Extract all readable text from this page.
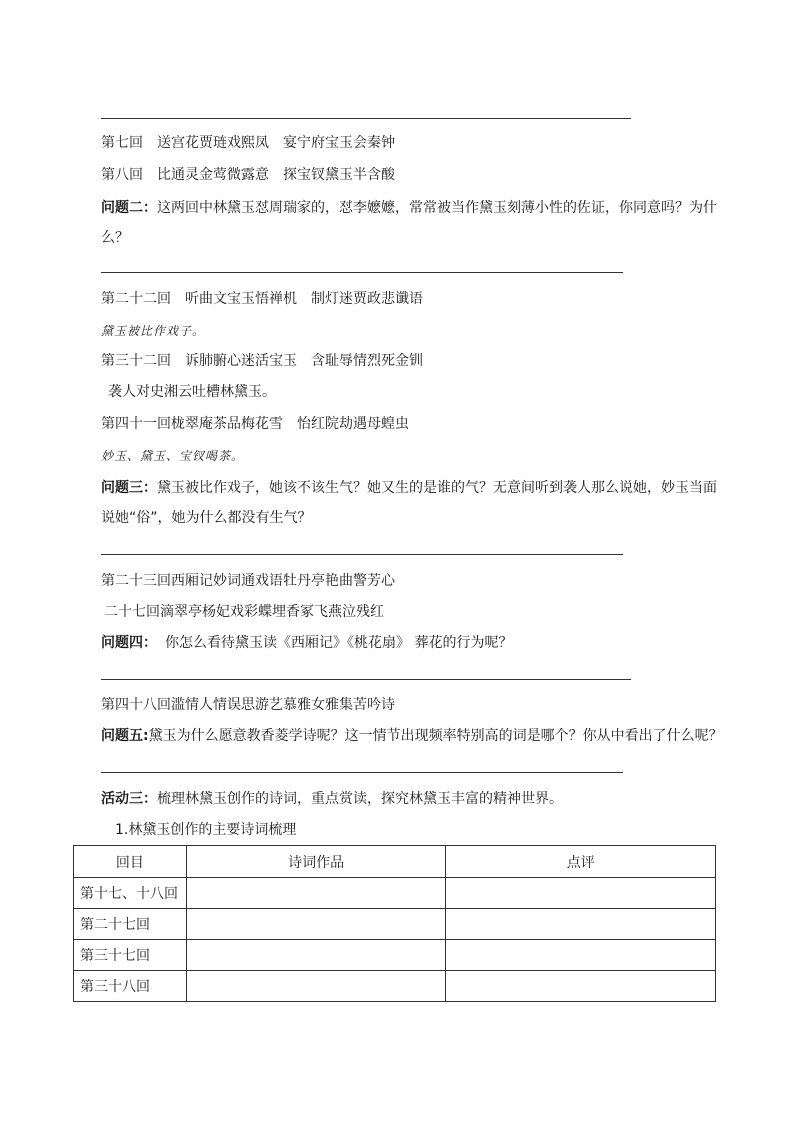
第七回　送宫花贾琏戏熙凤　宴宁府宝玉会秦钟
第八回　比通灵金莺微露意　探宝钗黛玉半含酸
问题二：这两回中林黛玉怼周瑞家的，怼李嬷嬷，常常被当作黛玉刻薄小性的佐证，你同意吗？为什么？
第二十二回　听曲文宝玉悟禅机　制灯迷贾政悲谶语
黛玉被比作戏子。
第三十二回　诉肺腑心迷活宝玉　含耻辱情烈死金钏
袭人对史湘云吐槽林黛玉。
第四十一回栊翠庵茶品梅花雪　怡红院劫遇母蝗虫
妙玉、黛玉、宝钗喝茶。
问题三：黛玉被比作戏子，她该不该生气？她又生的是谁的气？无意间听到袭人那么说她，妙玉当面说她“俗”，她为什么都没有生气？
第二十三回西厢记妙词通戏语牡丹亭艳曲警芳心
二十七回滴翠亭杨妃戏彩蝶埋香冢飞燕泣残红
问题四： 你怎么看待黛玉读《西厢记》《桃花扇》 葬花的行为呢？
第四十八回滥情人情误思游艺慕雅女雅集苦吟诗
问题五:黛玉为什么愿意教香菱学诗呢？这一情节出现频率特别高的词是哪个？你从中看出了什么呢？
活动三：梳理林黛玉创作的诗词，重点赏读，探究林黛玉丰富的精神世界。
1.林黛玉创作的主要诗词梳理
回目	诗词作品	点评
第十七、十八回		
第二十七回		
第三十七回		
第三十八回		
